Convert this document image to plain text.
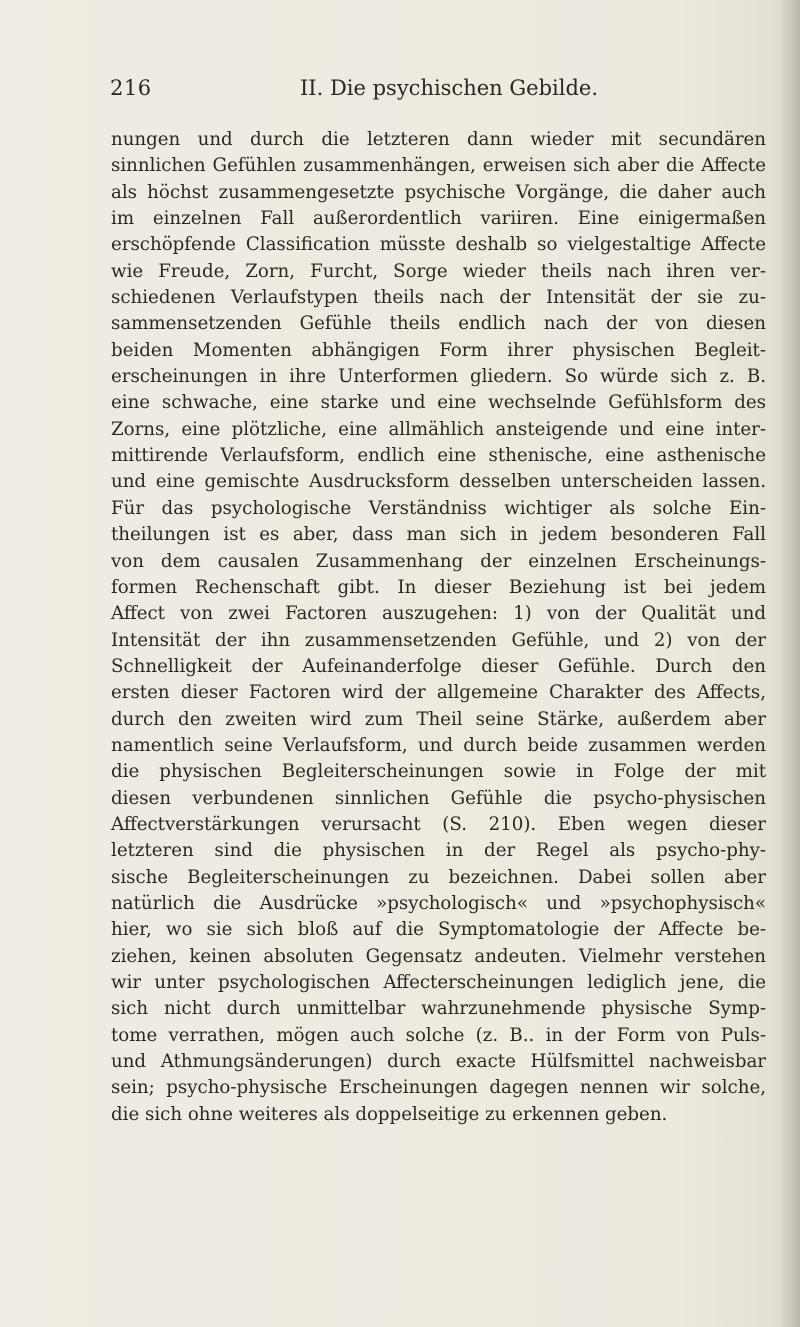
216	II. Die psychischen Gebilde.
nungen und durch die letzteren dann wieder mit secundären
sinnlichen Gefühlen zusammenhängen, erweisen sich aber die Affecte
als höchst zusammengesetzte psychische Vorgänge, die daher auch
im einzelnen Fall außerordentlich variiren. Eine einigermaßen
erschöpfende Classification müsste deshalb so vielgestaltige Affecte
wie Freude, Zorn, Furcht, Sorge wieder theils nach ihren ver-
schiedenen Verlaufstypen theils nach der Intensität der sie zu-
sammensetzenden Gefühle theils endlich nach der von diesen
beiden Momenten abhängigen Form ihrer physischen Begleit-
erscheinungen in ihre Unterformen gliedern. So würde sich z. B.
eine schwache, eine starke und eine wechselnde Gefühlsform des
Zorns, eine plötzliche, eine allmählich ansteigende und eine inter-
mittirende Verlaufsform, endlich eine sthenische, eine asthenische
und eine gemischte Ausdrucksform desselben unterscheiden lassen.
Für das psychologische Verständniss wichtiger als solche Ein-
theilungen ist es aber, dass man sich in jedem besonderen Fall
von dem causalen Zusammenhang der einzelnen Erscheinungs-
formen Rechenschaft gibt. In dieser Beziehung ist bei jedem
Affect von zwei Factoren auszugehen: 1) von der Qualität und
Intensität der ihn zusammensetzenden Gefühle, und 2) von der
Schnelligkeit der Aufeinanderfolge dieser Gefühle. Durch den
ersten dieser Factoren wird der allgemeine Charakter des Affects,
durch den zweiten wird zum Theil seine Stärke, außerdem aber
namentlich seine Verlaufsform, und durch beide zusammen werden
die physischen Begleiterscheinungen sowie in Folge der mit
diesen verbundenen sinnlichen Gefühle die psycho-physischen
Affectverstärkungen verursacht (S. 210). Eben wegen dieser
letzteren sind die physischen in der Regel als psycho-phy-
sische Begleiterscheinungen zu bezeichnen. Dabei sollen aber
natürlich die Ausdrücke »psychologisch« und »psychophysisch«
hier, wo sie sich bloß auf die Symptomatologie der Affecte be-
ziehen, keinen absoluten Gegensatz andeuten. Vielmehr verstehen
wir unter psychologischen Affecterscheinungen lediglich jene, die
sich nicht durch unmittelbar wahrzunehmende physische Symp-
tome verrathen, mögen auch solche (z. B.. in der Form von Puls-
und Athmungsänderungen) durch exacte Hülfsmittel nachweisbar
sein; psycho-physische Erscheinungen dagegen nennen wir solche,
die sich ohne weiteres als doppelseitige zu erkennen geben.
